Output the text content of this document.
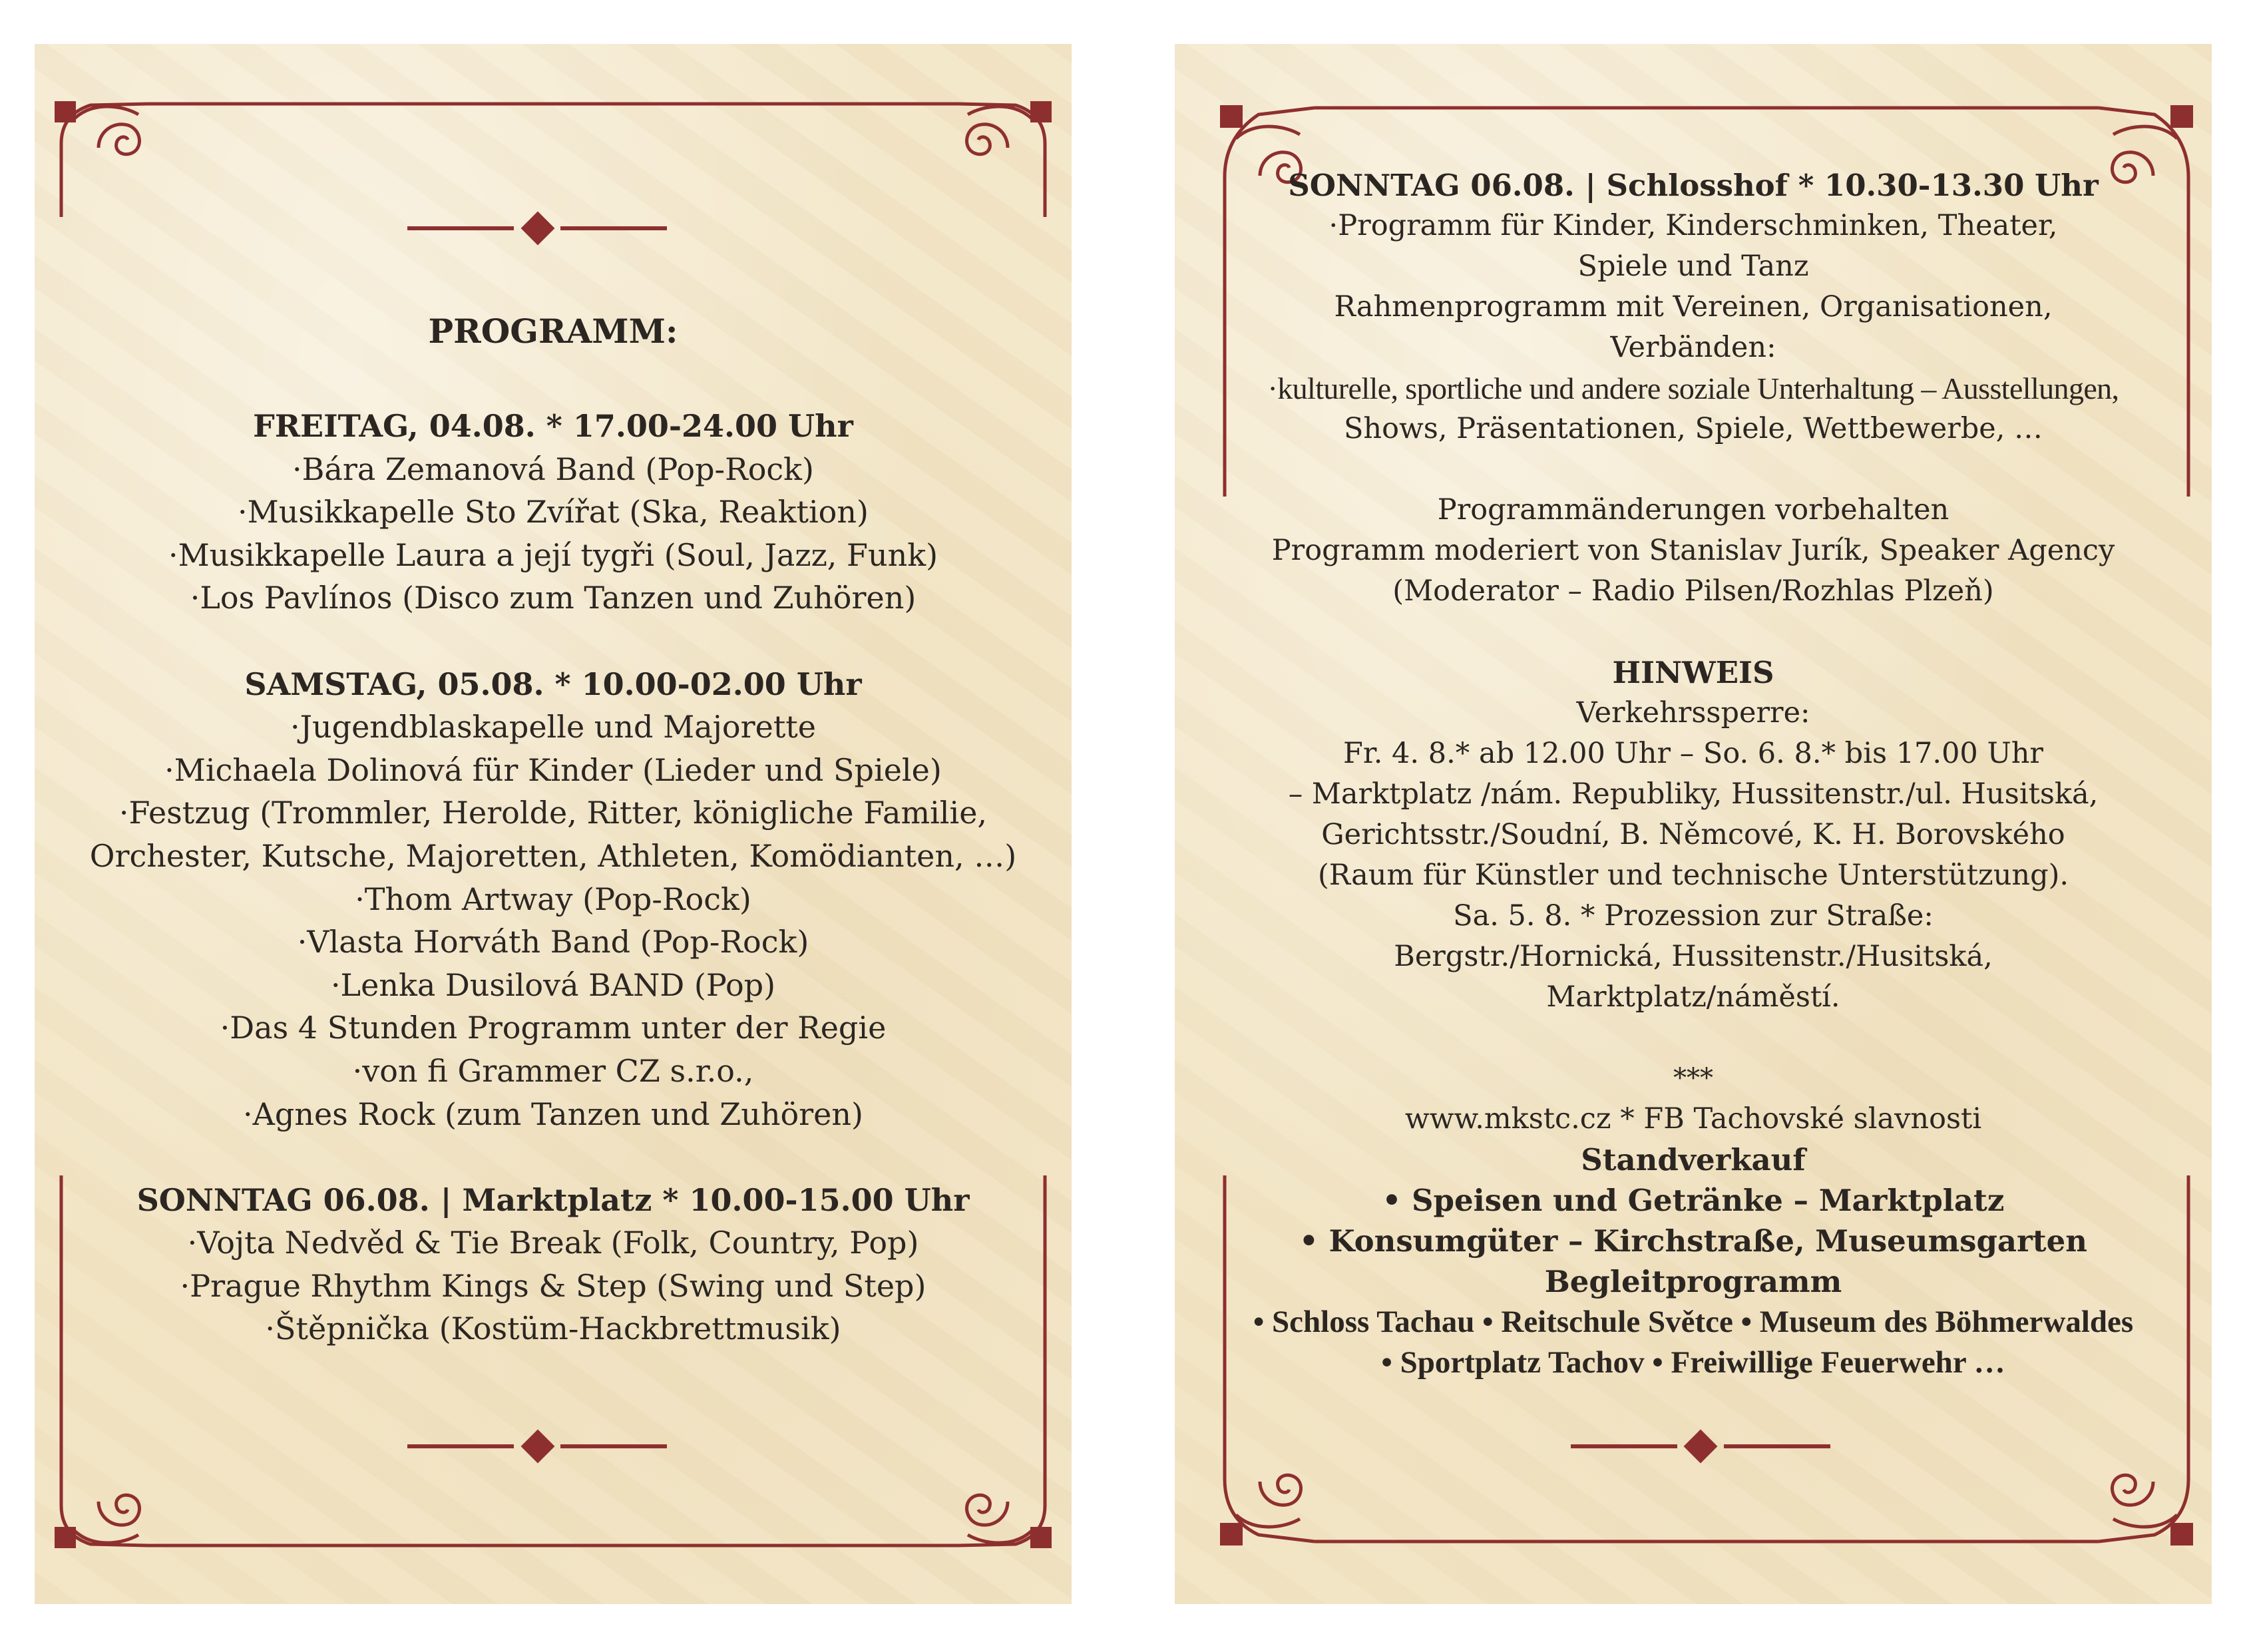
PROGRAMM:

FREITAG, 04.08. * 17.00-24.00 Uhr

·Bára Zemanová Band (Pop-Rock)

·Musikkapelle Sto Zvířat (Ska, Reaktion)

·Musikkapelle Laura a její tygři (Soul, Jazz, Funk)

·Los Pavlínos (Disco zum Tanzen und Zuhören)

SAMSTAG, 05.08. * 10.00-02.00 Uhr

·Jugendblaskapelle und Majorette

·Michaela Dolinová für Kinder (Lieder und Spiele)

·Festzug (Trommler, Herolde, Ritter, königliche Familie,

Orchester, Kutsche, Majoretten, Athleten, Komödianten, …)

·Thom Artway (Pop-Rock)

·Vlasta Horváth Band (Pop-Rock)

·Lenka Dusilová BAND (Pop)

·Das 4 Stunden Programm unter der Regie

·von fi Grammer CZ s.r.o.,

·Agnes Rock (zum Tanzen und Zuhören)

SONNTAG 06.08. | Marktplatz * 10.00-15.00 Uhr

·Vojta Nedvěd & Tie Break (Folk, Country, Pop)

·Prague Rhythm Kings & Step (Swing und Step)

·Štěpnička (Kostüm-Hackbrettmusik)

SONNTAG 06.08. | Schlosshof * 10.30-13.30 Uhr

·Programm für Kinder, Kinderschminken, Theater,

Spiele und Tanz

Rahmenprogramm mit Vereinen, Organisationen,

Verbänden:

·kulturelle, sportliche und andere soziale Unterhaltung – Ausstellungen,

Shows, Präsentationen, Spiele, Wettbewerbe, …

Programmänderungen vorbehalten

Programm moderiert von Stanislav Jurík, Speaker Agency

(Moderator – Radio Pilsen/Rozhlas Plzeň)

HINWEIS

Verkehrssperre:

Fr. 4. 8.* ab 12.00 Uhr – So. 6. 8.* bis 17.00 Uhr

– Marktplatz /nám. Republiky, Hussitenstr./ul. Husitská,

Gerichtsstr./Soudní, B. Němcové, K. H. Borovského

(Raum für Künstler und technische Unterstützung).

Sa. 5. 8. * Prozession zur Straße:

Bergstr./Hornická, Hussitenstr./Husitská,

Marktplatz/náměstí.

***

www.mkstc.cz * FB Tachovské slavnosti

Standverkauf

• Speisen und Getränke – Marktplatz

• Konsumgüter – Kirchstraße, Museumsgarten

Begleitprogramm

• Schloss Tachau • Reitschule Světce • Museum des Böhmerwaldes

• Sportplatz Tachov • Freiwillige Feuerwehr …
